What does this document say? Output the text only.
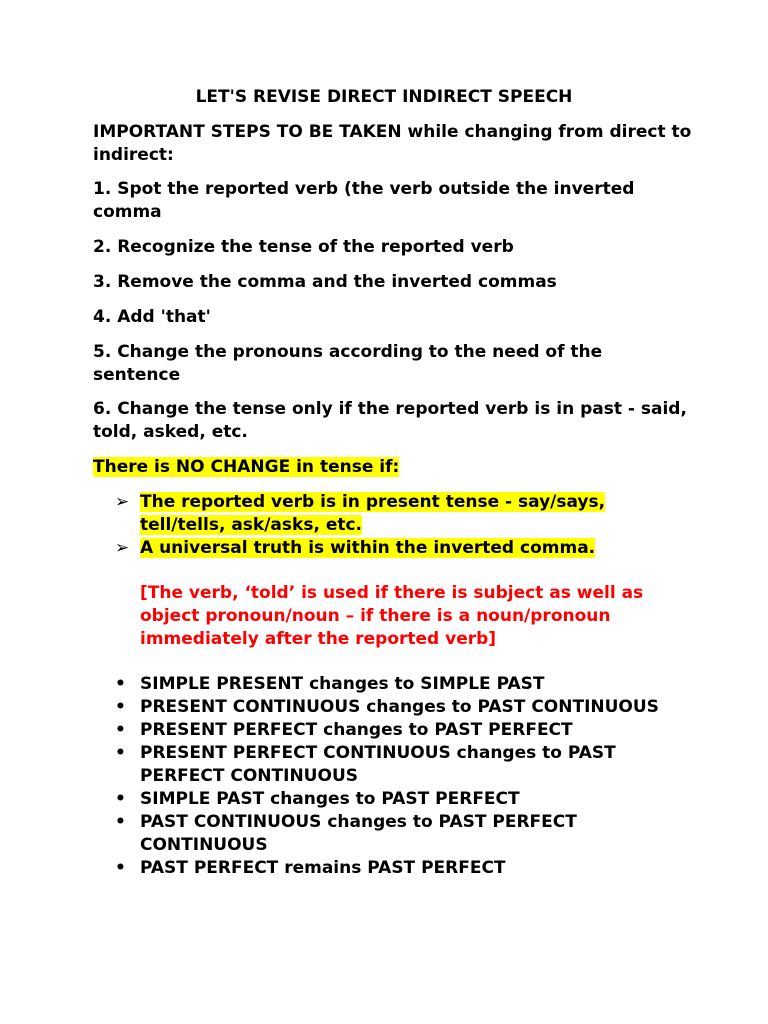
LET'S REVISE DIRECT INDIRECT SPEECH

IMPORTANT STEPS TO BE TAKEN while changing from direct to indirect:

1. Spot the reported verb (the verb outside the inverted comma

2. Recognize the tense of the reported verb

3. Remove the comma and the inverted commas

4. Add 'that'

5. Change the pronouns according to the need of the sentence

6. Change the tense only if the reported verb is in past - said, told, asked, etc.

There is NO CHANGE in tense if:

➢ The reported verb is in present tense - say/says, tell/tells, ask/asks, etc.
➢ A universal truth is within the inverted comma.

[The verb, ‘told’ is used if there is subject as well as object pronoun/noun – if there is a noun/pronoun immediately after the reported verb]

• SIMPLE PRESENT changes to SIMPLE PAST
• PRESENT CONTINUOUS changes to PAST CONTINUOUS
• PRESENT PERFECT changes to PAST PERFECT
• PRESENT PERFECT CONTINUOUS changes to PAST PERFECT CONTINUOUS
• SIMPLE PAST changes to PAST PERFECT
• PAST CONTINUOUS changes to PAST PERFECT CONTINUOUS
• PAST PERFECT remains PAST PERFECT
